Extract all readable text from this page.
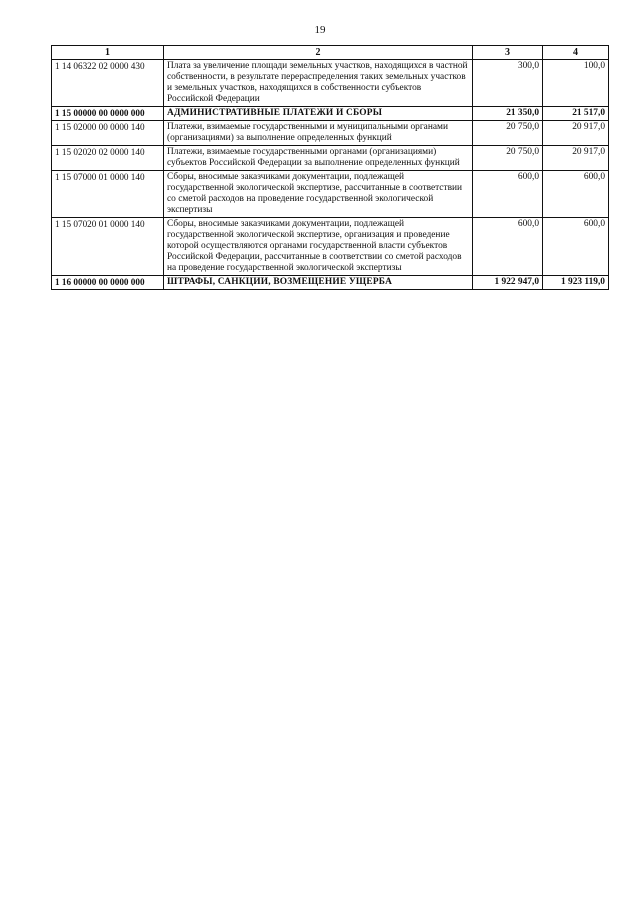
19
1	2	3	4
1 14 06322 02 0000 430	Плата за увеличение площади земельных участков, находящихся в частной собственности, в результате перераспределения таких земельных участков и земельных участков, находящихся в собственности субъектов Российской Федерации	300,0	100,0
1 15 00000 00 0000 000	АДМИНИСТРАТИВНЫЕ ПЛАТЕЖИ И СБОРЫ	21 350,0	21 517,0
1 15 02000 00 0000 140	Платежи, взимаемые государственными и муниципальными органами (организациями) за выполнение определенных функций	20 750,0	20 917,0
1 15 02020 02 0000 140	Платежи, взимаемые государственными органами (организациями) субъектов Российской Федерации за выполнение определенных функций	20 750,0	20 917,0
1 15 07000 01 0000 140	Сборы, вносимые заказчиками документации, подлежащей государственной экологической экспертизе, рассчитанные в соответствии со сметой расходов на проведение государственной экологической экспертизы	600,0	600,0
1 15 07020 01 0000 140	Сборы, вносимые заказчиками документации, подлежащей государственной экологической экспертизе, организация и проведение которой осуществляются органами государственной власти субъектов Российской Федерации, рассчитанные в соответствии со сметой расходов на проведение государственной экологической экспертизы	600,0	600,0
1 16 00000 00 0000 000	ШТРАФЫ, САНКЦИИ, ВОЗМЕЩЕНИЕ УЩЕРБА	1 922 947,0	1 923 119,0
